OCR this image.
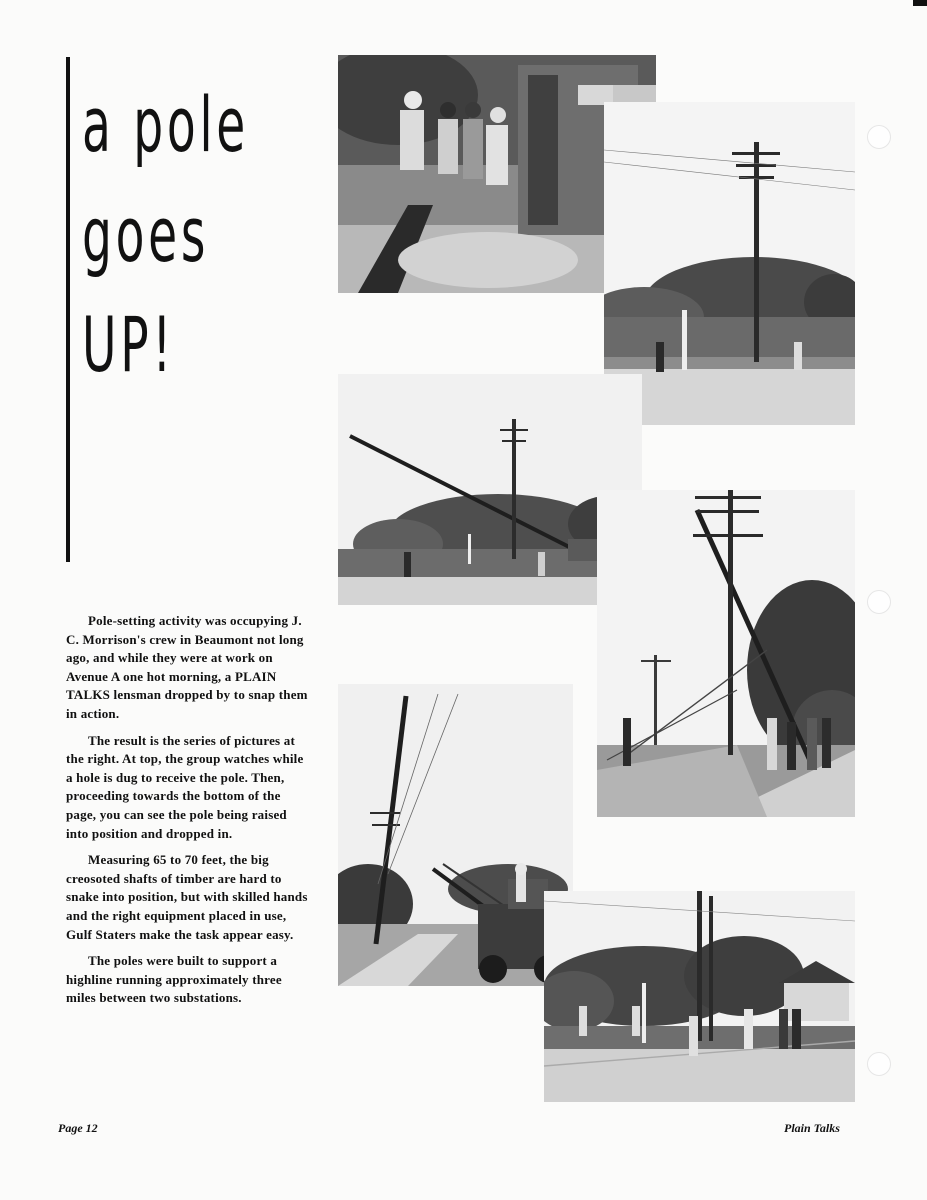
a pole
goes
UP!

Pole-setting activity was occupying J. C. Morrison's crew in Beaumont not long ago, and while they were at work on Avenue A one hot morning, a PLAIN TALKS lensman dropped by to snap them in action.

The result is the series of pictures at the right. At top, the group watches while a hole is dug to receive the pole. Then, proceeding towards the bottom of the page, you can see the pole being raised into position and dropped in.

Measuring 65 to 70 feet, the big creosoted shafts of timber are hard to snake into position, but with skilled hands and the right equipment placed in use, Gulf Staters make the task appear easy.

The poles were built to support a highline running approximately three miles between two substations.

Page 12	Plain Talks
